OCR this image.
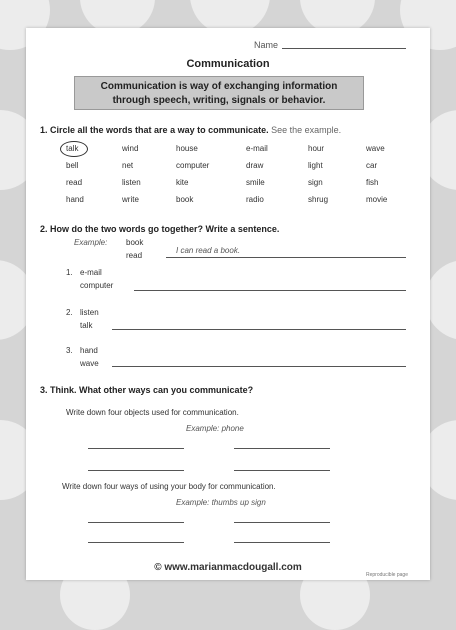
Name
Communication
Communication is way of exchanging information
through speech, writing, signals or behavior.
1. Circle all the words that are a way to communicate. See the example.
talk	wind	house	e-mail	hour	wave
bell	net	computer	draw	light	car
read	listen	kite	smile	sign	fish
hand	write	book	radio	shrug	movie
2. How do the two words go together? Write a sentence.
Example: book
read
I can read a book.
1. e-mail
computer
2. listen
talk
3. hand
wave
3. Think. What other ways can you communicate?
Write down four objects used for communication.
Example: phone
Write down four ways of using your body for communication.
Example: thumbs up sign
© www.marianmacdougall.com
Reproducible page
